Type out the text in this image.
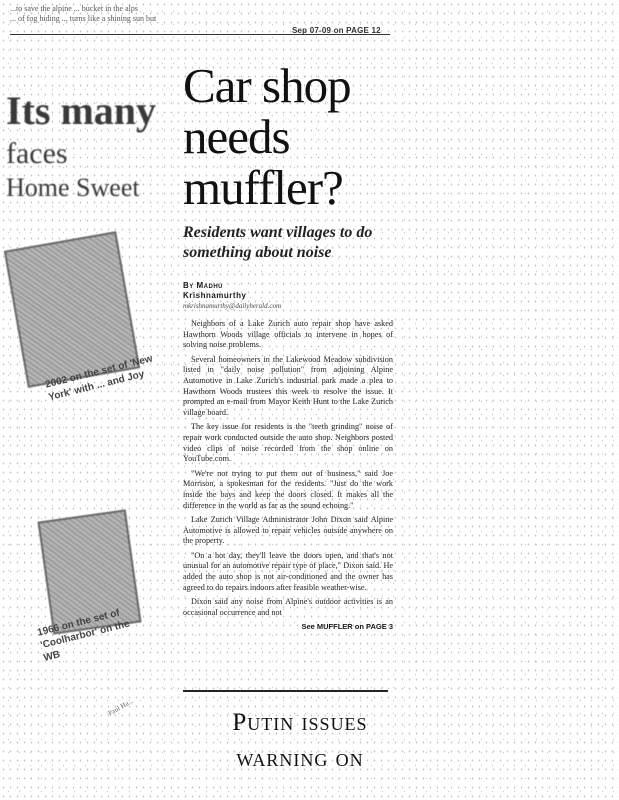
...to save the alpine ... bucket in the alps
... of fog hiding ... turns like a shining sun but
Sep 07-09 on PAGE 12
Its many
faces
Home Sweet
2002 on the set of 'New York' with ... and Joy
1966 on the set of 'Coolharbor' on the WB
Paul Ha...
Car shop
needs
muffler?

Residents want villages to do something about noise

By Madhu
Krishnamurthy
mkrishnamurthy@dailyherald.com

Neighbors of a Lake Zurich auto repair shop have asked Hawthorn Woods village officials to intervene in hopes of solving noise problems.

Several homeowners in the Lakewood Meadow subdivision listed in "daily noise pollution" from adjoining Alpine Automotive in Lake Zurich's industrial park made a plea to Hawthorn Woods trustees this week to resolve the issue. It prompted an e-mail from Mayor Keith Hunt to the Lake Zurich village board.

The key issue for residents is the "teeth grinding" noise of repair work conducted outside the auto shop. Neighbors posted video clips of noise recorded from the shop online on YouTube.com.

"We're not trying to put them out of business," said Joe Morrison, a spokesman for the residents. "Just do the work inside the bays and keep the doors closed. It makes all the difference in the world as far as the sound echoing."

Lake Zurich Village Administrator John Dixon said Alpine Automotive is allowed to repair vehicles outside anywhere on the property.

"On a hot day, they'll leave the doors open, and that's not unusual for an automotive repair type of place," Dixon said. He added the auto shop is not air-conditioned and the owner has agreed to do repairs indoors after feasible weather-wise.

Dixon said any noise from Alpine's outdoor activities is an occasional occurrence and not

See MUFFLER on PAGE 3
Putin issues
warning on
